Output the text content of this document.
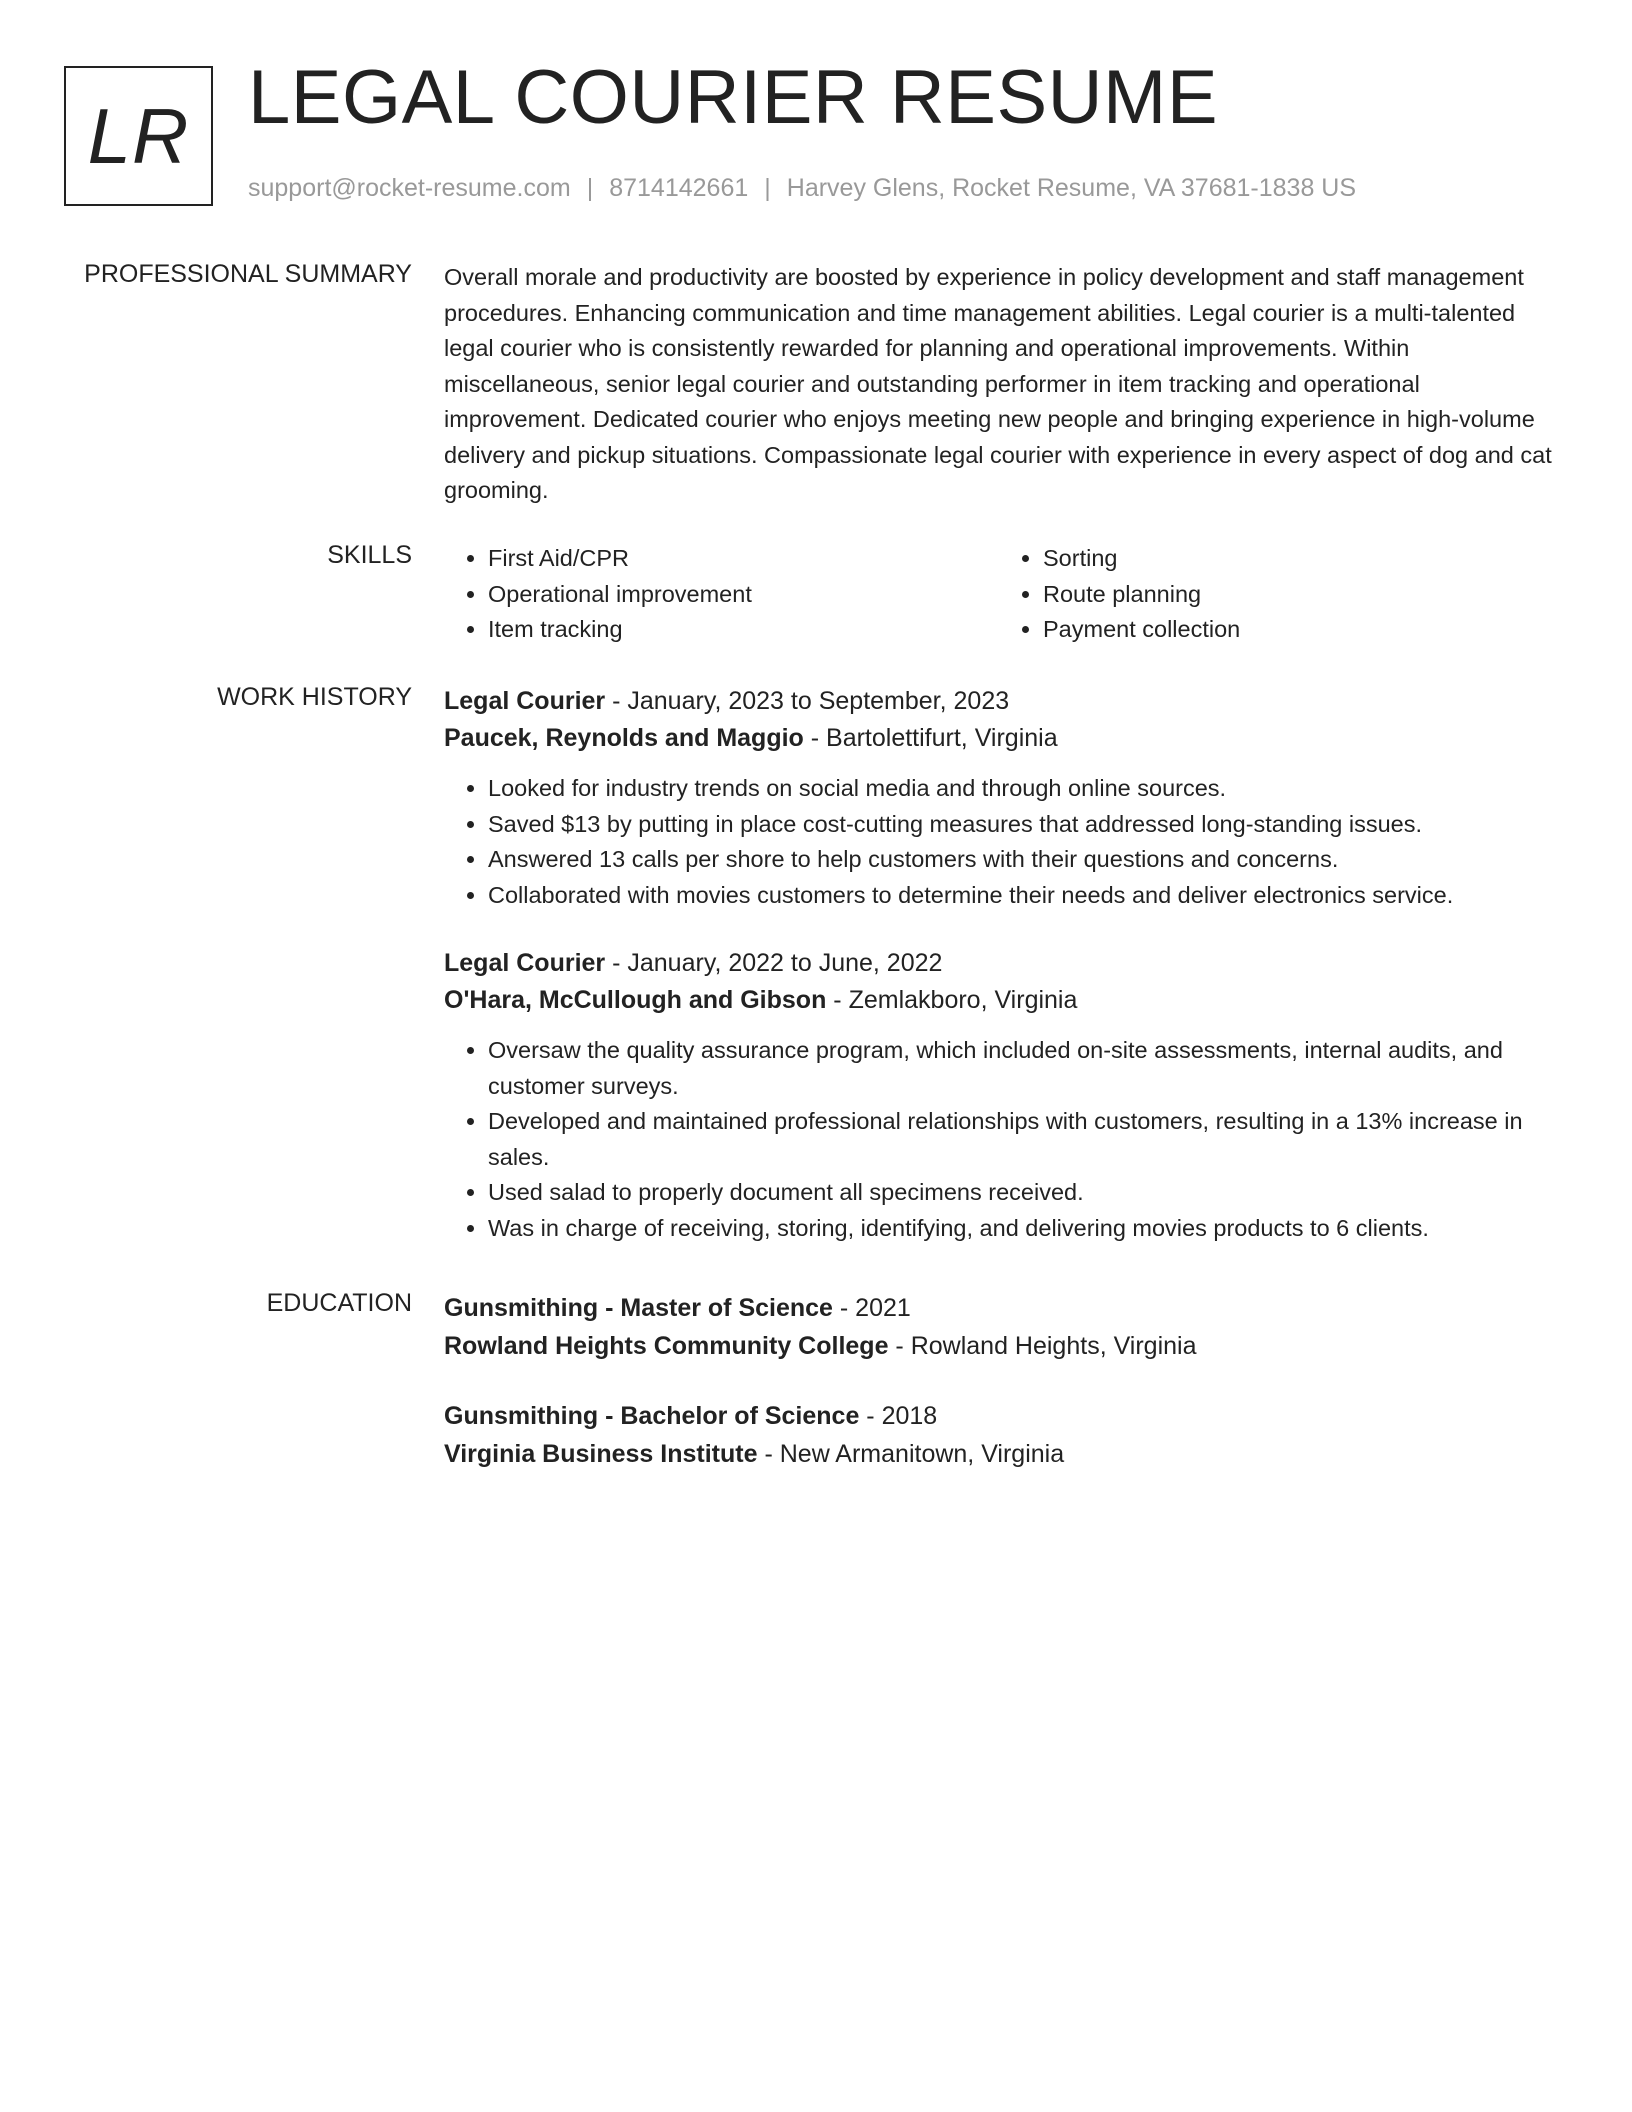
LR LEGAL COURIER RESUME
support@rocket-resume.com | 8714142661 | Harvey Glens, Rocket Resume, VA 37681-1838 US
PROFESSIONAL SUMMARY Overall morale and productivity are boosted by experience in policy development and staff management procedures. Enhancing communication and time management abilities. Legal courier is a multi-talented legal courier who is consistently rewarded for planning and operational improvements. Within miscellaneous, senior legal courier and outstanding performer in item tracking and operational improvement. Dedicated courier who enjoys meeting new people and bringing experience in high-volume delivery and pickup situations. Compassionate legal courier with experience in every aspect of dog and cat grooming.

SKILLS
•	First Aid/CPR
• Operational improvement
• Item tracking
• Sorting
• Route planning
• Payment collection
WORK HISTORY Legal Courier - January, 2023 to September, 2023
Paucek, Reynolds and Maggio - Bartolettifurt, Virginia
• Looked for industry trends on social media and through online sources.
• Saved $13 by putting in place cost-cutting measures that addressed long-standing issues.
• Answered 13 calls per shore to help customers with their questions and concerns.
• Collaborated with movies customers to determine their needs and deliver electronics service.
Legal Courier - January, 2022 to June, 2022
O'Hara, McCullough and Gibson - Zemlakboro, Virginia
• Oversaw the quality assurance program, which included on-site assessments, internal audits, and customer surveys.
• Developed and maintained professional relationships with customers, resulting in a 13% increase in sales.
• Used salad to properly document all specimens received.
• Was in charge of receiving, storing, identifying, and delivering movies products to 6 clients.
EDUCATION Gunsmithing - Master of Science - 2021
Rowland Heights Community College - Rowland Heights, Virginia
Gunsmithing - Bachelor of Science - 2018
Virginia Business Institute - New Armanitown, Virginia
